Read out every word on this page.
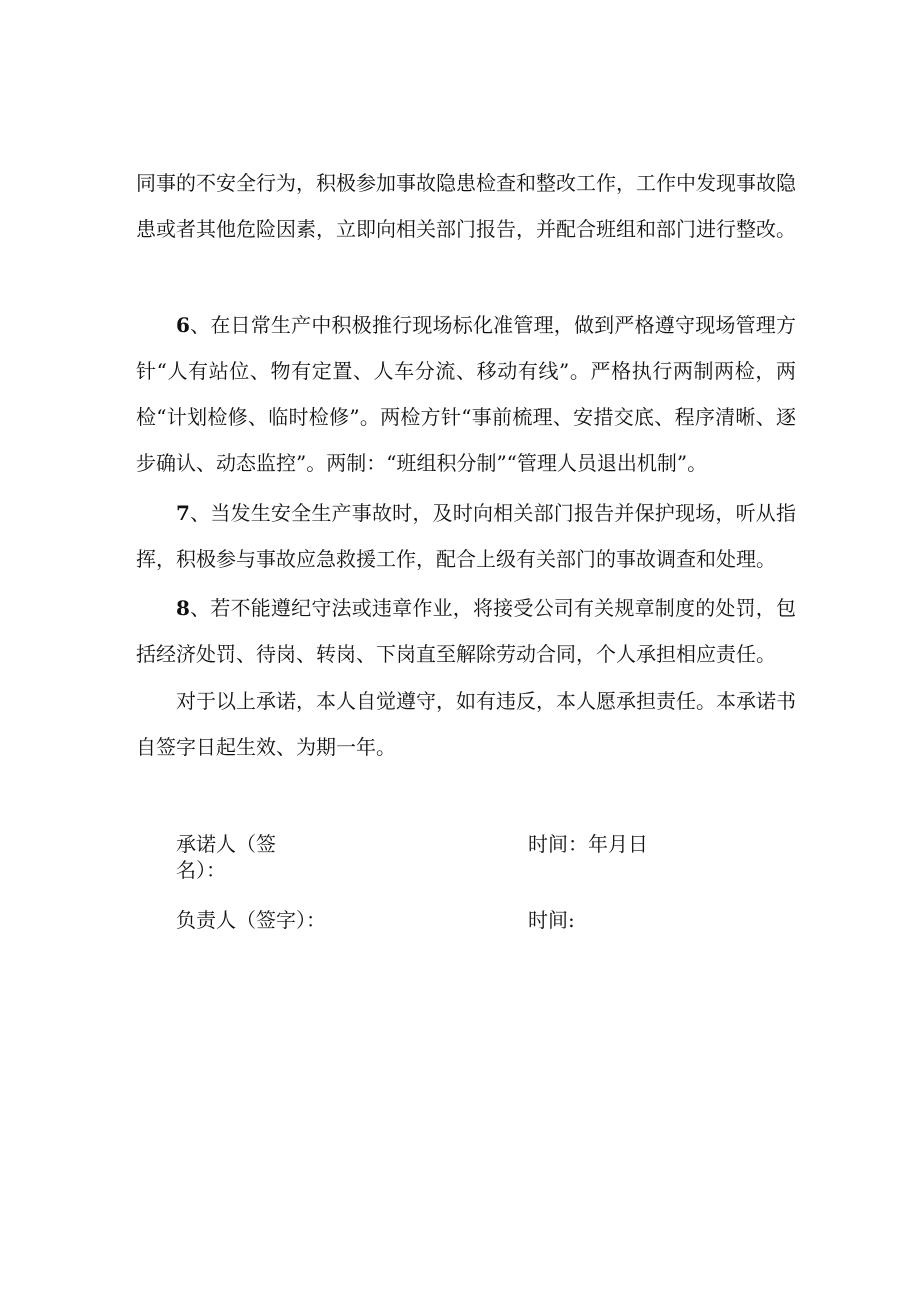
同事的不安全行为，积极参加事故隐患检查和整改工作，工作中发现事故隐患或者其他危险因素，立即向相关部门报告，并配合班组和部门进行整改。

6、在日常生产中积极推行现场标化准管理，做到严格遵守现场管理方针“人有站位、物有定置、人车分流、移动有线”。严格执行两制两检，两检“计划检修、临时检修”。两检方针“事前梳理、安措交底、程序清晰、逐步确认、动态监控”。两制：“班组积分制”“管理人员退出机制”。

7、当发生安全生产事故时，及时向相关部门报告并保护现场，听从指挥，积极参与事故应急救援工作，配合上级有关部门的事故调查和处理。

8、若不能遵纪守法或违章作业，将接受公司有关规章制度的处罚，包括经济处罚、待岗、转岗、下岗直至解除劳动合同，个人承担相应责任。

对于以上承诺，本人自觉遵守，如有违反，本人愿承担责任。本承诺书自签字日起生效、为期一年。

承诺人（签名）：

时间：年月日

负责人（签字）：	时间:
